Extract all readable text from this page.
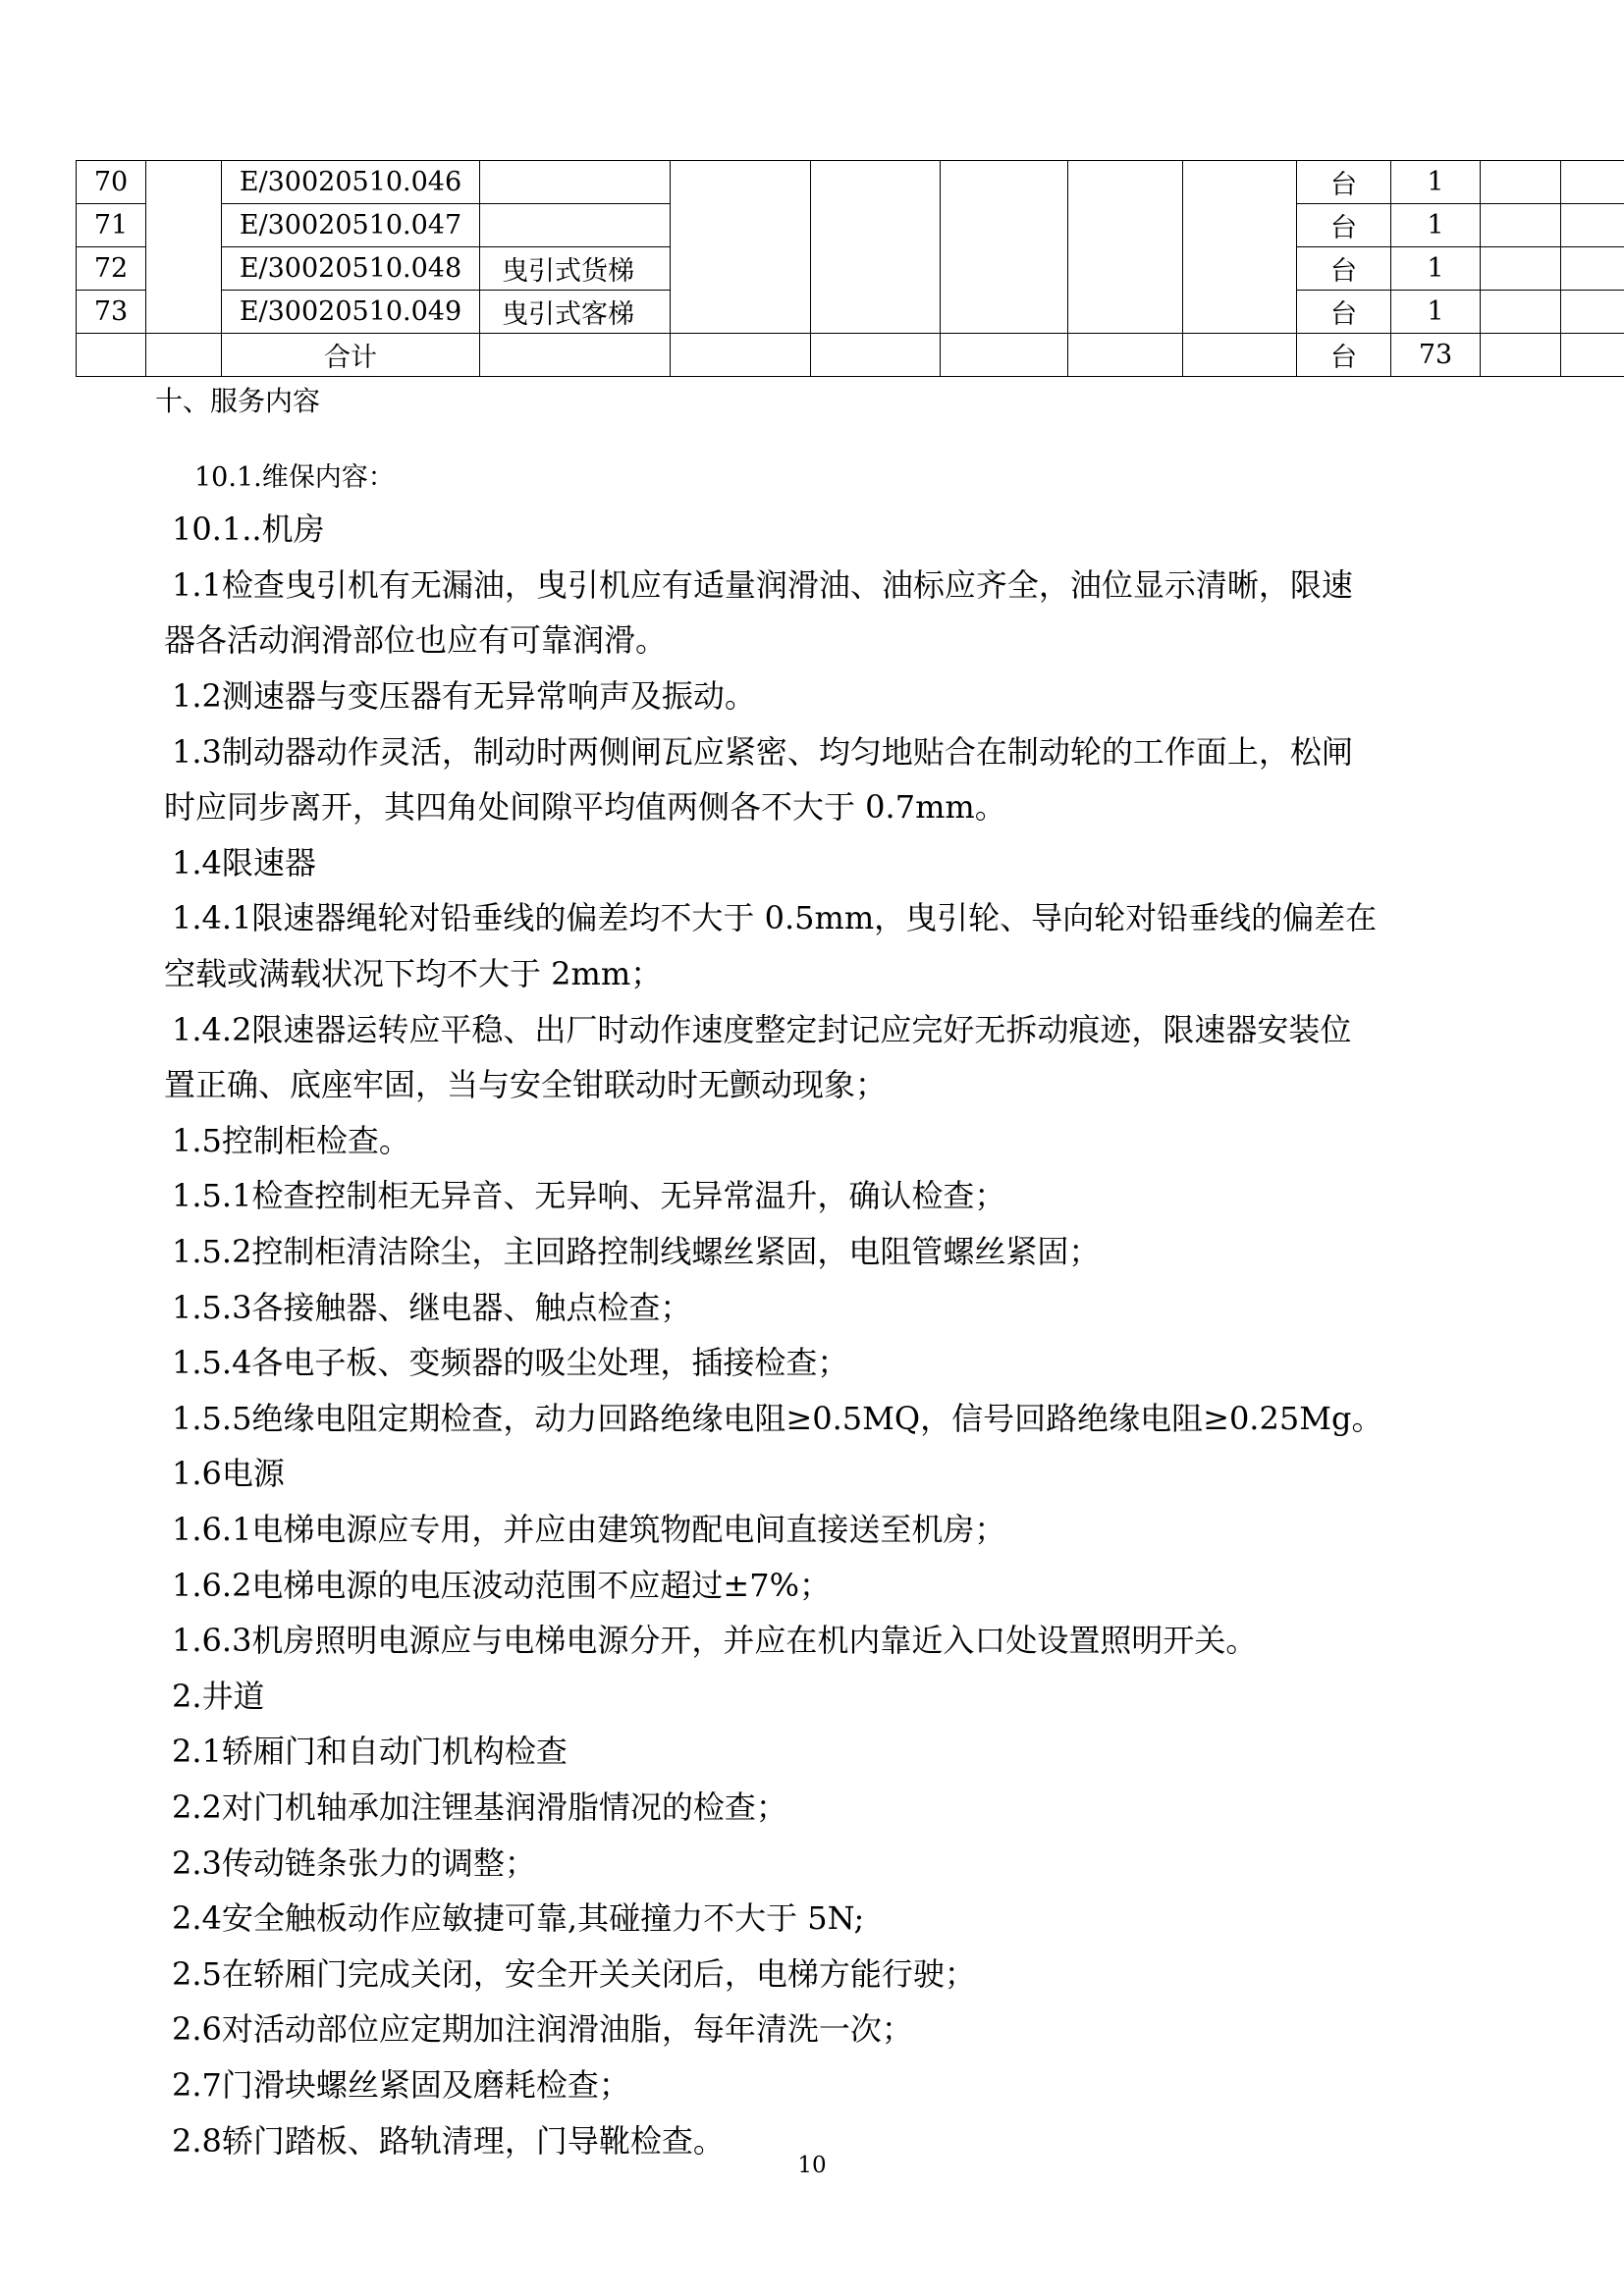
70		E/30020510.046							台	1		
71		E/30020510.047							台	1		
72		E/30020510.048	曳引式货梯						台	1		
73		E/30020510.049	曳引式客梯						台	1		
		合计							台	73		
十、服务内容
10.1.维保内容：
10.1..机房
1.1检查曳引机有无漏油，曳引机应有适量润滑油、油标应齐全，油位显示清晰，限速
器各活动润滑部位也应有可靠润滑。
1.2测速器与变压器有无异常响声及振动。
1.3制动器动作灵活，制动时两侧闸瓦应紧密、均匀地贴合在制动轮的工作面上，松闸
时应同步离开，其四角处间隙平均值两侧各不大于 0.7mm。
1.4限速器
1.4.1限速器绳轮对铅垂线的偏差均不大于 0.5mm，曳引轮、导向轮对铅垂线的偏差在
空载或满载状况下均不大于 2mm；
1.4.2限速器运转应平稳、出厂时动作速度整定封记应完好无拆动痕迹，限速器安装位
置正确、底座牢固，当与安全钳联动时无颤动现象；
1.5控制柜检查。
1.5.1检查控制柜无异音、无异响、无异常温升，确认检查；
1.5.2控制柜清洁除尘，主回路控制线螺丝紧固，电阻管螺丝紧固；
1.5.3各接触器、继电器、触点检查；
1.5.4各电子板、变频器的吸尘处理，插接检查；
1.5.5绝缘电阻定期检查，动力回路绝缘电阻≥0.5MQ，信号回路绝缘电阻≥0.25Mg。
1.6电源
1.6.1电梯电源应专用，并应由建筑物配电间直接送至机房；
1.6.2电梯电源的电压波动范围不应超过±7%；
1.6.3机房照明电源应与电梯电源分开，并应在机内靠近入口处设置照明开关。
2.井道
2.1轿厢门和自动门机构检查
2.2对门机轴承加注锂基润滑脂情况的检查；
2.3传动链条张力的调整；
2.4安全触板动作应敏捷可靠,其碰撞力不大于 5N;
2.5在轿厢门完成关闭，安全开关关闭后，电梯方能行驶；
2.6对活动部位应定期加注润滑油脂，每年清洗一次；
2.7门滑块螺丝紧固及磨耗检查；
2.8轿门踏板、路轨清理，门导靴检查。
10
